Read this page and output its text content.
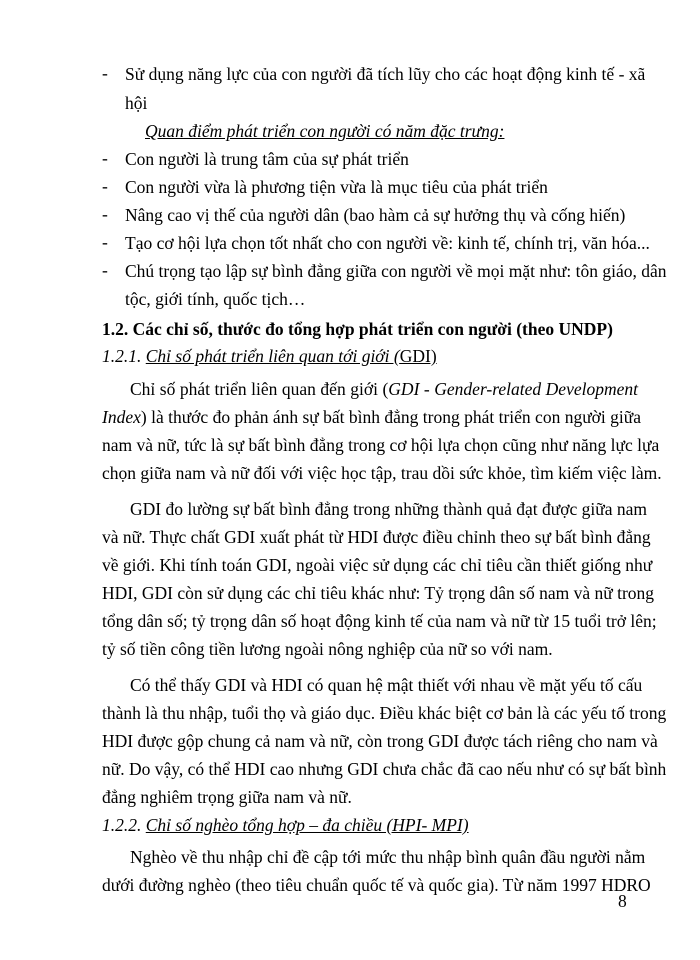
- Sử dụng năng lực của con người đã tích lũy cho các hoạt động kinh tế - xã
hội
Quan điểm phát triển con người có năm đặc trưng:
- Con người là trung tâm của sự phát triển
- Con người vừa là phương tiện vừa là mục tiêu của phát triển
- Nâng cao vị thế của người dân (bao hàm cả sự hưởng thụ và cống hiến)
- Tạo cơ hội lựa chọn tốt nhất cho con người về: kinh tế, chính trị, văn hóa...
- Chú trọng tạo lập sự bình đẳng giữa con người về mọi mặt như: tôn giáo, dân
tộc, giới tính, quốc tịch…
1.2. Các chỉ số, thước đo tổng hợp phát triển con người (theo UNDP)
1.2.1. Chỉ số phát triển liên quan tới giới (GDI)
Chỉ số phát triển liên quan đến giới (GDI - Gender-related Development
Index) là thước đo phản ánh sự bất bình đẳng trong phát triển con người giữa
nam và nữ, tức là sự bất bình đẳng trong cơ hội lựa chọn cũng như năng lực lựa
chọn giữa nam và nữ đối với việc học tập, trau dồi sức khỏe, tìm kiếm việc làm.
GDI đo lường sự bất bình đẳng trong những thành quả đạt được giữa nam
và nữ. Thực chất GDI xuất phát từ HDI được điều chỉnh theo sự bất bình đẳng
về giới. Khi tính toán GDI, ngoài việc sử dụng các chỉ tiêu cần thiết giống như
HDI, GDI còn sử dụng các chỉ tiêu khác như: Tỷ trọng dân số nam và nữ trong
tổng dân số; tỷ trọng dân số hoạt động kinh tế của nam và nữ từ 15 tuổi trở lên;
tỷ số tiền công tiền lương ngoài nông nghiệp của nữ so với nam.
Có thể thấy GDI và HDI có quan hệ mật thiết với nhau về mặt yếu tố cấu
thành là thu nhập, tuổi thọ và giáo dục. Điều khác biệt cơ bản là các yếu tố trong
HDI được gộp chung cả nam và nữ, còn trong GDI được tách riêng cho nam và
nữ. Do vậy, có thể HDI cao nhưng GDI chưa chắc đã cao nếu như có sự bất bình
đẳng nghiêm trọng giữa nam và nữ.
1.2.2. Chỉ số nghèo tổng hợp – đa chiều (HPI- MPI)
Nghèo về thu nhập chỉ đề cập tới mức thu nhập bình quân đầu người nằm
dưới đường nghèo (theo tiêu chuẩn quốc tế và quốc gia). Từ năm 1997 HDRO
8
